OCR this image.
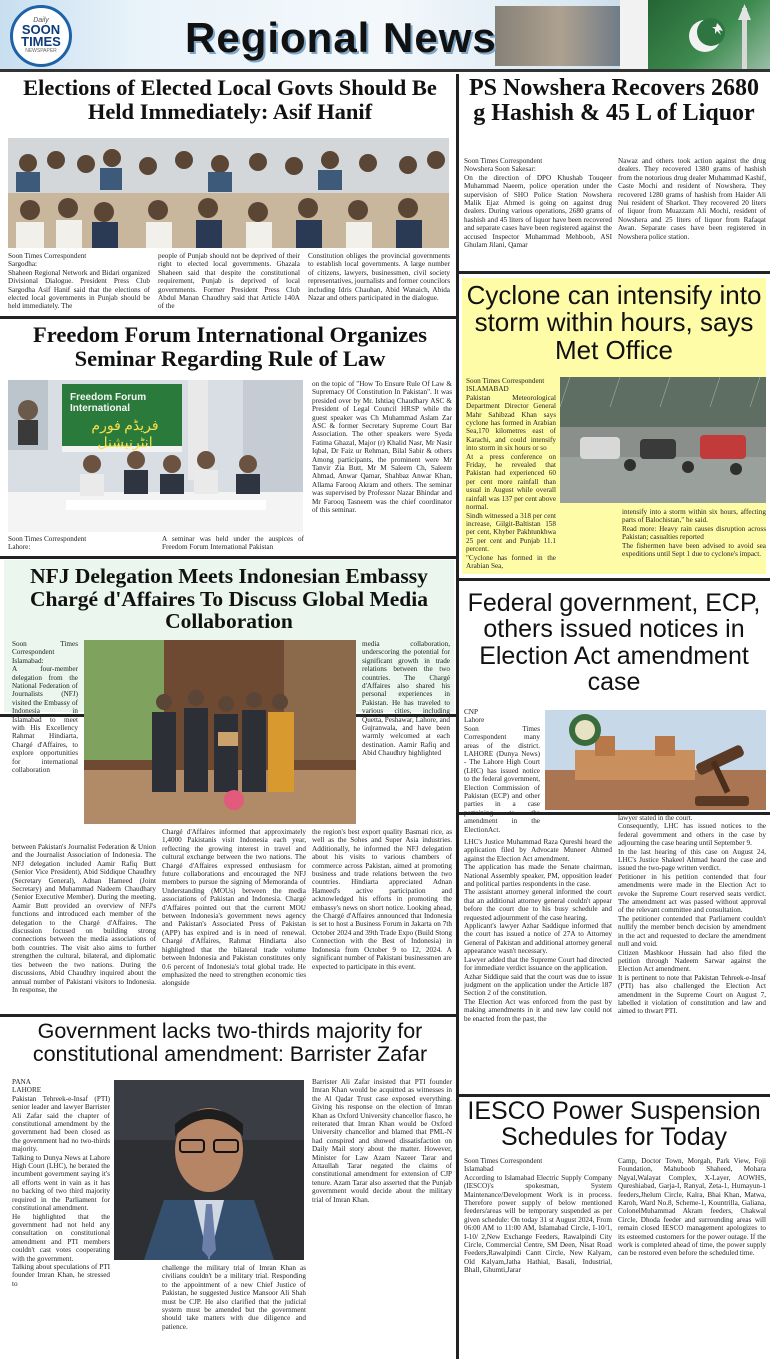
Daily
SOON TIMES
NEWSPAPER	Regional News
Elections of Elected Local Govts Should Be Held Immediately: Asif Hanif
Soon Times Correspondent
Sargodha:
Shaheen Regional Network and Bidari organized Divisional Dialogue. President Press Club Sargodha Asif Hanif said that the elections of elected local governments in Punjab should be held immediately. The
people of Punjab should not be deprived of their right to elected local governments. Ghazala Shaheen said that despite the constitutional requirement, Punjab is deprived of local governments. Former President Press Club Abdul Manan Chaudhry said that Article 140A of the
Constitution obliges the provincial governments to establish local governments. A large number of citizens, lawyers, businessmen, civil society representatives, journalists and former councilors including Idris Chauhan, Abid Wanaich, Abida Nazar and others participated in the dialogue.
PS Nowshera Recovers 2680 g Hashish & 45 L of Liquor
Soon Times Correspondent
Nowshera Soon Sakesar:
On the direction of DPO Khushab Touqeer Muhammad Naeem, police operation under the supervision of SHO Police Station Nowshera Malik Ejaz Ahmed is going on against drug dealers. During various operations, 2680 grams of hashish and 45 liters of liquor have been recovered and separate cases have been registered against the accused Inspector Muhammad Mehboob, ASI Ghulam Jilani, Qamar
Nawaz and others took action against the drug dealers. They recovered 1380 grams of hashish from the notorious drug dealer Muhammad Kashif, Caste Mochi and resident of Nowshera. They recovered 1280 grams of hashish from Haider Ali Nui resident of Sharkot. They recovered 20 liters of liquor from Muazzam Ali Mochi, resident of Nowshera and 25 liters of liquor from Rafaqat Awan. Separate cases have been registered in Nowshera police station.
Freedom Forum International Organizes Seminar Regarding Rule of Law
Freedom Forum International
فریڈم فورم انٹرنیشنل
Soon Times Correspondent
Lahore:
A seminar was held under the auspices of Freedom Forum International Pakistan
on the topic of "How To Ensure Rule Of Law & Supremacy Of Constitution In Pakistan". It was presided over by Mr. Ishtiaq Chaudhary ASC & President of Legal Council HRSP while the guest speaker was Ch Muhammad Aslam Zar ASC & former Secretary Supreme Court Bar Association. The other speakers were Syeda Fatima Ghazal, Major (r) Khalid Nasr, Mr Nasir Iqbal, Dr Faiz ur Rehman, Bilal Sabir & others Among participants, the prominent were Mr Tanvir Zia Butt, Mr M Saleem Ch, Saleem Ahmad, Anwar Qamar, Shahbaz Anwar Khan, Allama Farooq Akram and others. The seminar was supervised by Professor Nazar Bhindar and Mr Farooq Tasneem was the chief coordinator of this seminar.
Cyclone can intensify into storm within hours, says Met Office
Soon Times Correspondent
ISLAMABAD
Pakistan Meteorological Department Director General Mahr Sahibzad Khan says cyclone has formed in Arabian Sea,170 kilometres east of Karachi, and could intensify into storm in six hours or so
At a press conference on Friday, he revealed that Pakistan had experienced 60 per cent more rainfall than usual in August while overall rainfall was 137 per cent above normal.
Sindh witnessed a 318 per cent increase, Gilgit-Baltistan 158 per cent, Khyber Pakhtunkhwa 25 per cent and Punjab 11.1 percent.
"Cyclone has formed in the Arabian Sea,
intensify into a storm within six hours, affecting parts of Balochistan," he said.
Read more: Heavy rain causes disruption across Pakistan; casualties reported
The fishermen have been advised to avoid sea expeditions until Sept 1 due to cyclone's impact.
NFJ Delegation Meets Indonesian Embassy Chargé d'Affaires To Discuss Global Media Collaboration
Soon Times Correspondent
Islamabad:
A four-member delegation from the National Federation of Journalists (NFJ) visited the Embassy of Indonesia in Islamabad to meet with His Excellency Rahmat Hindiarta, Chargé d'Affaires, to explore opportunities for international collaboration
media collaboration, underscoring the potential for significant growth in trade relations between the two countries. The Chargé d'Affaires also shared his personal experiences in Pakistan. He has traveled to various cities, including Quetta, Peshawar, Lahore, and Gujranwala, and have been warmly welcomed at each destination. Aamir Rafiq and Abid Chaudhry highlighted
between Pakistan's Journalist Federation & Union and the Journalist Association of Indonesia. The NFJ delegation included Aamir Rafiq Butt (Senior Vice President), Abid Siddique Chaudhry (Secretary General), Adnan Hameed (Joint Secretary) and Muhammad Nadeem Chaudhary (Senior Executive Member). During the meeting, Aamir Butt provided an overview of NFJ's functions and introduced each member of the delegation to the Chargé d'Affaires. The discussion focused on building strong connections between the media associations of both countries. The visit also aims to further strengthen the cultural, bilateral, and diplomatic ties between the two nations. During the discussions, Abid Chaudhry inquired about the annual number of Pakistani visitors to Indonesia. In response, the
Chargé d'Affaires informed that approximately 1,4000 Pakistanis visit Indonesia each year, reflecting the growing interest in travel and cultural exchange between the two nations. The Chargé d'Affaires expressed enthusiasm for future collaborations and encouraged the NFJ members to pursue the signing of Memoranda of Understanding (MOUs) between the media associations of Pakistan and Indonesia. Chargé d'Affaires pointed out that the current MOU between Indonesia's government news agency and Pakistan's Associated Press of Pakistan (APP) has expired and is in need of renewal. Chargé d'Affaires, Rahmat Hindiarta also highlighted that the bilateral trade volume between Indonesia and Pakistan constitutes only 0.6 percent of Indonesia's total global trade. He emphasized the need to strengthen economic ties alongside
the region's best export quality Basmati rice, as well as the Sohes and Super Asia industries. Additionally, he informed the NFJ delegation about his visits to various chambers of commerce across Pakistan, aimed at promoting business and trade relations between the two countries. Hindiarta appreciated Adnan Hameed's active participation and acknowledged his efforts in promoting the embassy's news on short notice. Looking ahead, the Chargé d'Affaires announced that Indonesia is set to host a Business Forum in Jakarta on 7th October 2024 and 39th Trade Expo (Build Stong Connection with the Best of Indonesia) in Indonesia from October 9 to 12, 2024. A significant number of Pakistani businessmen are expected to participate in this event.
Federal government, ECP, others issued notices in Election Act amendment case
CNP
Lahore
Soon Times Correspondent many areas of the district. LAHORE (Dunya News) - The Lahore High Court (LHC) has issued notice to the federal government, Election Commission of Pakistan (ECP) and other parties in a case pertaining to the amendment in the ElectionAct.
Government lacks two-thirds majority for constitutional amendment: Barrister Zafar
PANA
LAHORE
Pakistan Tehreek-e-Insaf (PTI) senior leader and lawyer Barrister Ali Zafar said the chapter of constitutional amendment by the government had been closed as the government had no two-thirds majority.
Talking to Dunya News at Lahore High Court (LHC), he berated the incumbent government saying it's all efforts went in vain as it has no backing of two third majority required in the Parliament for constitutional amendment.
He highlighted that the government had not held any consultation on constitutional amendment and PTI members couldn't cast votes cooperating with the government.
Talking about speculations of PTI founder Imran Khan, he stressed to
challenge the military trial of Imran Khan as civilians couldn't be a military trial. Responding to the appointment of a new Chief Justice of Pakistan, he suggested Justice Mansoor Ali Shah must be CJP. He also clarified that the judicial system must be amended but the government should take matters with due diligence and patience.
Barrister Ali Zafar insisted that PTI founder Imran Khan would be acquitted as witnesses in the Al Qadar Trust case exposed everything. Giving his response on the election of Imran Khan as Oxford University chancellor fiasco, he reiterated that Imran Khan would be Oxford University chancellor and blamed that PML-N had conspired and showed dissatisfaction on Daily Mail story about the matter. However, Minister for Law Azam Nazeer Tarar and Attaullah Tarar negated the claims of constitutional amendment for extension of CJP tenure. Azam Tarar also asserted that the Punjab government would decide about the military trial of Imran Khan.
IESCO Power Suspension Schedules for Today
Soon Times Correspondent
Islamabad
According to Islamabad Electric Supply Company (IESCO)'s spokesman, System Maintenance/Development Work is in process. Therefore power supply of below mentioned feeders/areas will be temporary suspended as per given schedule: On today 31 st August 2024, From 06:00 AM to 11:00 AM, Islamabad Circle, I-10/1, I-10/ 2,New Exchange Feeders, Rawalpindi City Circle, Commercial Centre, SM Deen, Nisat Road Feeders,Rawalpindi Cantt Circle, New Kalyam, Old Kalyam,Jatha Hathial, Basali, Industrial, Bhall, Ghumti,Jarar
Camp, Doctor Town, Morgah, Park View, Foji Foundation, Mahuboob Shaheed, Mohara Ngyal,Walayat Complex, X-Layer, AOWHS, Qureshiabad, Garja-I, Ranyal, Zeta-1, Humayun-1 feeders,Jhelum Circle, Kalra, Bhai Khan, Matwa, Karoh, Ward No.8, Scheme-1, Kountrilla, Galiana, ColonelMuhammad Akram feeders, Chakwal Circle, Dhoda feeder and surrounding areas will remain closed IESCO management apologizes to its esteemed customers for the power outage. If the work is completed ahead of time, the power supply can be restored even before the scheduled time.
LHC's Justice Muhammad Raza Qureshi heard the application filed by Advocate Muneer Ahmed against the Election Act amendment.
The application has made the Senate chairman, National Assembly speaker, PM, opposition leader and political parties respondents in the case.
The assistant attorney general informed the court that an additional attorney general couldn't appear before the court due to his busy schedule and requested adjournment of the case hearing.
Applicant's lawyer Azhar Saddique informed that the court has issued a notice of 27A to Attorney General of Pakistan and additional attorney general appearance wasn't necessary.
Lawyer added that the Supreme Court had directed for immediate verdict issuance on the application.
Azhar Siddique said that the court was due to issue judgment on the application under the Article 187 Section 2 of the constitution.
The Election Act was enforced from the past by making amendments in it and new law could not be enacted from the past, the
lawyer stated in the court.
Consequently, LHC has issued notices to the federal government and others in the case by adjourning the case hearing until September 9.
In the last hearing of this case on August 24, LHC's Justice Shakeel Ahmad heard the case and issued the two-page written verdict.
Petitioner in his petition contended that four amendments were made in the Election Act to revoke the Supreme Court reserved seats verdict. The amendment act was passed without approval of the relevant committee and consultation.
The petitioner contended that Parliament couldn't nullify the member bench decision by amendment in the act and requested to declare the amendment null and void.
Citizen Mashkoor Hussain had also filed the petition through Nadeem Sarwar against the Election Act amendment.
It is pertinent to note that Pakistan Tehreek-e-Insaf (PTI) has also challenged the Election Act amendment in the Supreme Court on August 7, labelled it violation of constitution and law and aimed to thwart PTI.
